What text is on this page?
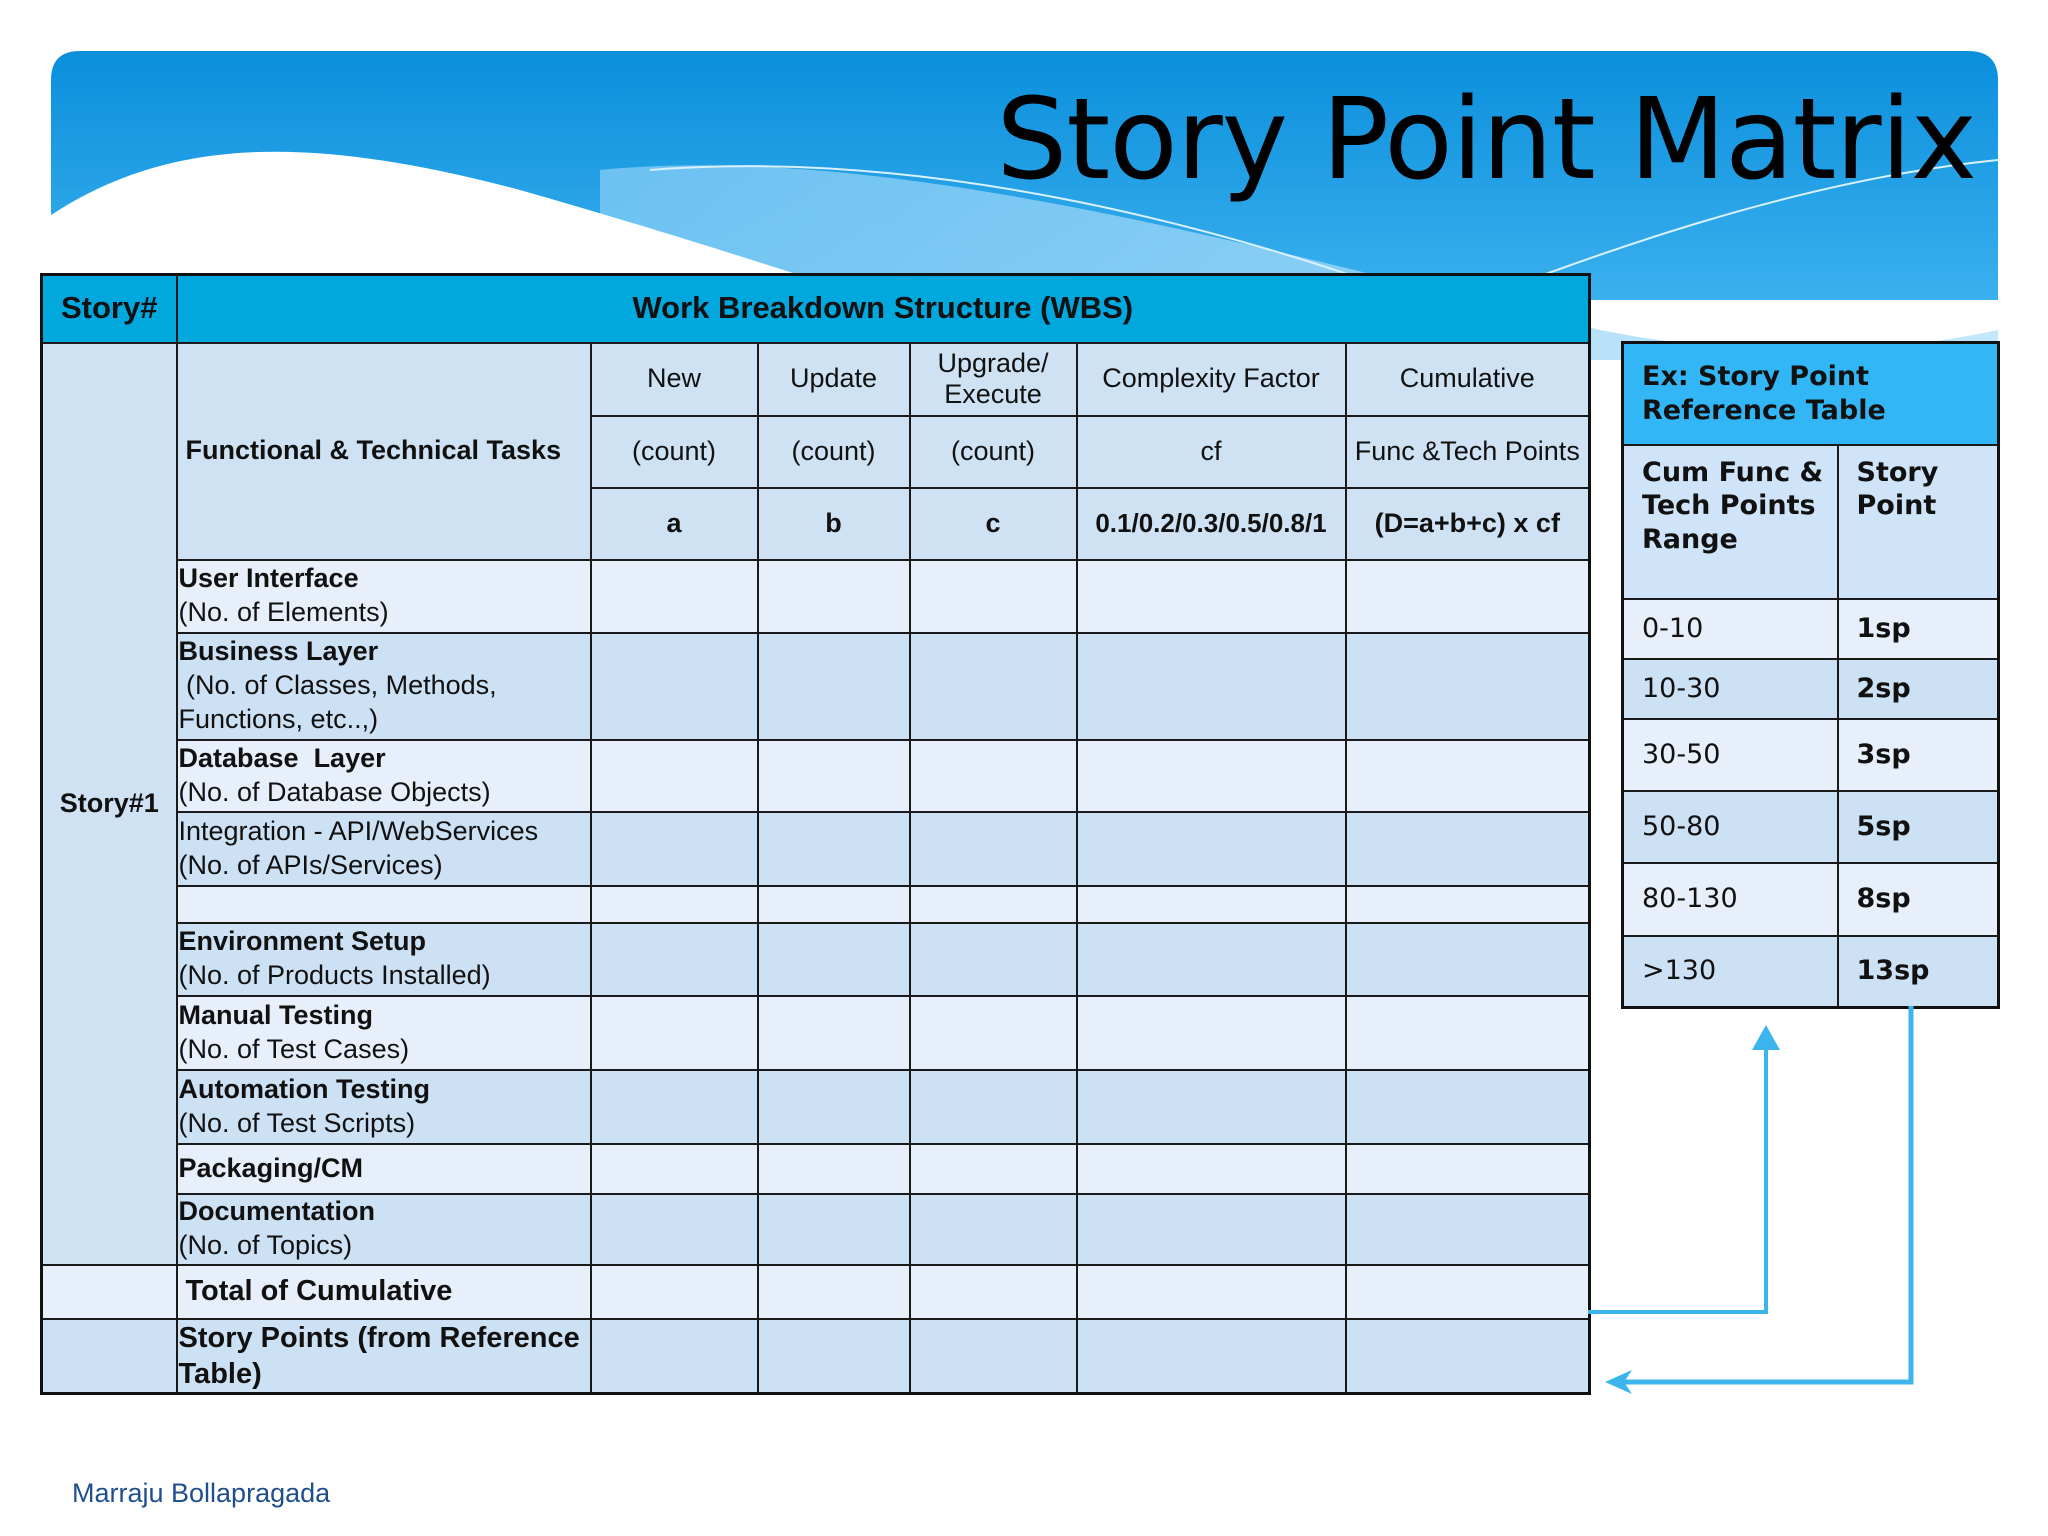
Story Point Matrix
Story#	Work Breakdown Structure (WBS)					
Story#1	Functional & Technical Tasks	New	Update	Upgrade/ Execute	Complexity Factor	Cumulative
		(count)	(count)	(count)	cf	Func &Tech Points
		a	b	c	0.1/0.2/0.3/0.5/0.8/1	(D=a+b+c) x cf

	User Interface
(No. of Elements)					

	Business Layer
(No. of Classes, Methods, Functions, etc..,)					

	Database  Layer
(No. of Database Objects)					

	Integration - API/WebServices
(No. of APIs/Services)					

	Environment Setup
(No. of Products Installed)					

	Manual Testing
(No. of Test Cases)					

	Automation Testing
(No. of Test Scripts)					

	Packaging/CM					

	Documentation
(No. of Topics)					

	Total of Cumulative					
	Story Points (from Reference Table)					
Ex: Story Point Reference Table	
Cum Func & Tech Points Range	Story Point
0-10	1sp
10-30	2sp
30-50	3sp
50-80	5sp
80-130	8sp
>130	13sp
Marraju Bollapragada
